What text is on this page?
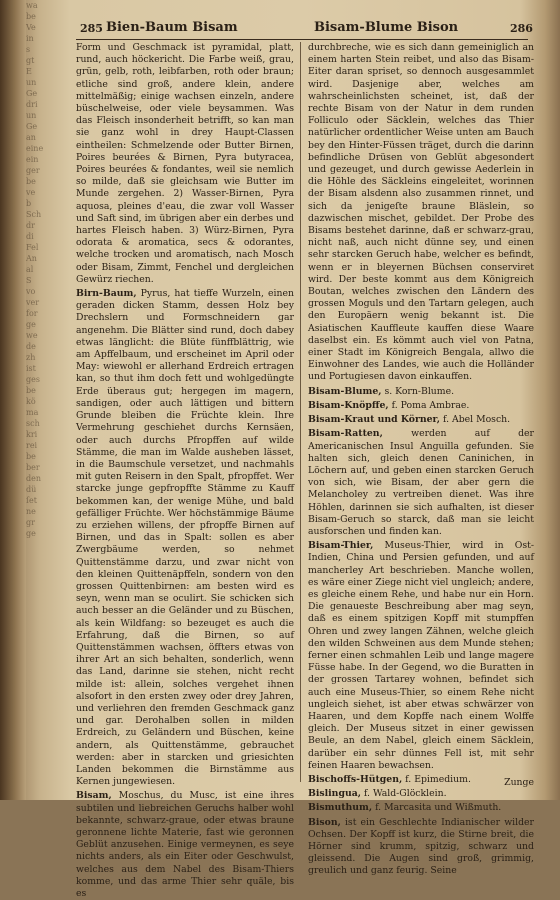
wa
be
Ve
in
s
gt
E
un
Ge
dri
un
Ge
an
eine
ein
ger
be
ve
b
Sch
dr
di
Fel
An
al
S
vo
ver
for
ge
we
de
zh
ist
ges
be
kö
ma
sch
kri
rei
be
ber
den
dü
ſet
ne
gr
ge
285 Bien-Baum Bisam	Bisam-Blume Bison	286

Form und Geschmack ist pyramidal, platt, rund, auch höckericht. Die Farbe weiß, grau, grün, gelb, roth, leibfarben, roth oder braun; etliche sind groß, andere klein, andere mittelmäßig; einige wachsen einzeln, andere büschelweise, oder viele beysammen. Was das Fleisch insonderheit betrifft, so kan man sie ganz wohl in drey Haupt-Classen eintheilen: Schmelzende oder Butter Birnen, Poires beurées & Birnen, Pyra butyracea, Poires beurées & fondantes, weil sie nemlich so milde, daß sie gleichsam wie Butter im Munde zergehen. 2) Wasser-Birnen, Pyra aquosa, pleines d'eau, die zwar voll Wasser und Saft sind, im übrigen aber ein derbes und hartes Fleisch haben. 3) Würz-Birnen, Pyra odorata & aromatica, secs & odorantes, welche trocken und aromatisch, nach Mosch oder Bisam, Zimmt, Fenchel und dergleichen Gewürz riechen.

Birn-Baum, Pyrus, hat tieffe Wurzeln, einen geraden dicken Stamm, dessen Holz bey Drechslern und Formschneidern gar angenehm. Die Blätter sind rund, doch dabey etwas länglicht: die Blüte fünffblättrig, wie am Apffelbaum, und erscheinet im April oder May: wiewohl er allerhand Erdreich ertragen kan, so thut ihm doch fett und wohlgedüngte Erde überaus gut; hergegen im magern, sandigen, oder auch lättigen und bittern Grunde bleiben die Früchte klein. Ihre Vermehrung geschiehet durchs Kernsäen, oder auch durchs Pfropffen auf wilde Stämme, die man im Walde ausheben lässet, in die Baumschule versetzet, und nachmahls mit guten Reisern in den Spalt, pfropffet. Wer starcke junge gepfropffte Stämme zu Kauff bekommen kan, der wenige Mühe, und bald gefälliger Früchte. Wer höchstämmige Bäume zu erziehen willens, der pfropffe Birnen auf Birnen, und das in Spalt: sollen es aber Zwergbäume werden, so nehmet Quittenstämme darzu, und zwar nicht von den kleinen Quittenäpffeln, sondern von den grossen Quittenbirnen: am besten wird es seyn, wenn man se oculirt. Sie schicken sich auch besser an die Geländer und zu Büschen, als kein Wildfang: so bezeuget es auch die Erfahrung, daß die Birnen, so auf Quittenstämmen wachsen, öffters etwas von ihrer Art an sich behalten, sonderlich, wenn das Land, darinne sie stehen, nicht recht milde ist: allein, solches vergehet ihnen alsofort in den ersten zwey oder drey Jahren, und verliehren den fremden Geschmack ganz und gar. Derohalben sollen in milden Erdreich, zu Geländern und Büschen, keine andern, als Quittenstämme, gebrauchet werden: aber in starcken und griesichten Landen bekommen die Birnstämme aus Kernen jungewiesen.

Bisam, Moschus, du Musc, ist eine ihres subtilen und liebreichen Geruchs halber wohl bekannte, schwarz-graue, oder etwas braune geronnene lichte Materie, fast wie geronnen Geblüt anzusehen. Einige vermeynen, es seye nichts anders, als ein Eiter oder Geschwulst, welches aus dem Nabel des Bisam-Thiers komme, und das arme Thier sehr quäle, bis es

durchbreche, wie es sich dann gemeiniglich an einem harten Stein reibet, und also das Bisam-Eiter daran spriset, so dennoch ausgesammlet wird. Dasjenige aber, welches am wahrscheinlichsten scheinet, ist, daß der rechte Bisam von der Natur in dem runden Folliculo oder Säcklein, welches das Thier natürlicher ordentlicher Weise unten am Bauch bey den Hinter-Füssen träget, durch die darinn befindliche Drüsen von Geblüt abgesondert und gezeuget, und durch gewisse Aederlein in die Höhle des Säckleins eingeleitet, worinnen der Bisam alsdenn also zusammen rinnet, und sich da jenigeſte braune Bläslein, so dazwischen mischet, gebildet. Der Probe des Bisams bestehet darinne, daß er schwarz-grau, nicht naß, auch nicht dünne sey, und einen sehr starcken Geruch habe, welcher es befindt, wenn er in bleyernen Büchsen conserviret wird. Der beste kommt aus dem Königreich Boutan, welches zwischen den Ländern des grossen Moguls und den Tartarn gelegen, auch den Europäern wenig bekannt ist. Die Asiatischen Kauffleute kauffen diese Waare daselbst ein. Es kömmt auch viel von Patna, einer Stadt im Königreich Bengala, allwo die Einwohner des Landes, wie auch die Holländer und Portugiesen davon einkauffen.

Bisam-Blume, s. Korn-Blume.

Bisam-Knöpffe, f. Poma Ambrae.

Bisam-Kraut und Körner, f. Abel Mosch.

Bisam-Ratten, werden auf der Americanischen Insul Anguilla gefunden. Sie halten sich, gleich denen Caninichen, in Löchern auf, und geben einen starcken Geruch von sich, wie Bisam, der aber gern die Melancholey zu vertreiben dienet. Was ihre Höhlen, darinnen sie sich aufhalten, ist dieser Bisam-Geruch so starck, daß man sie leicht ausforschen und finden kan.

Bisam-Thier, Museus-Thier, wird in Ost-Indien, China und Persien gefunden, und auf mancherley Art beschrieben. Manche wollen, es wäre einer Ziege nicht viel ungleich; andere, es gleiche einem Rehe, und habe nur ein Horn. Die genaueste Beschreibung aber mag seyn, daß es einem spitzigen Kopff mit stumpffen Ohren und zwey langen Zähnen, welche gleich den wilden Schweinen aus dem Munde stehen; ferner einen schmahlen Leib und lange magere Füsse habe. In der Gegend, wo die Buratten in der grossen Tartarey wohnen, befindet sich auch eine Museus-Thier, so einem Rehe nicht ungleich siehet, ist aber etwas schwärzer von Haaren, und dem Kopffe nach einem Wolffe gleich. Der Museus sitzet in einer gewissen Beule, an dem Nabel, gleich einem Säcklein, darüber ein sehr dünnes Fell ist, mit sehr feinen Haaren bewachsen.

Bischoffs-Hütgen, f. Epimedium.

Bislingua, f. Wald-Glöcklein.

Bismuthum, f. Marcasita und Wißmuth.

Bison, ist ein Geschlechte Indianischer wilder Ochsen. Der Kopff ist kurz, die Stirne breit, die Hörner sind krumm, spitzig, schwarz und gleissend. Die Augen sind groß, grimmig, greulich und ganz feurig. Seine

Zunge
